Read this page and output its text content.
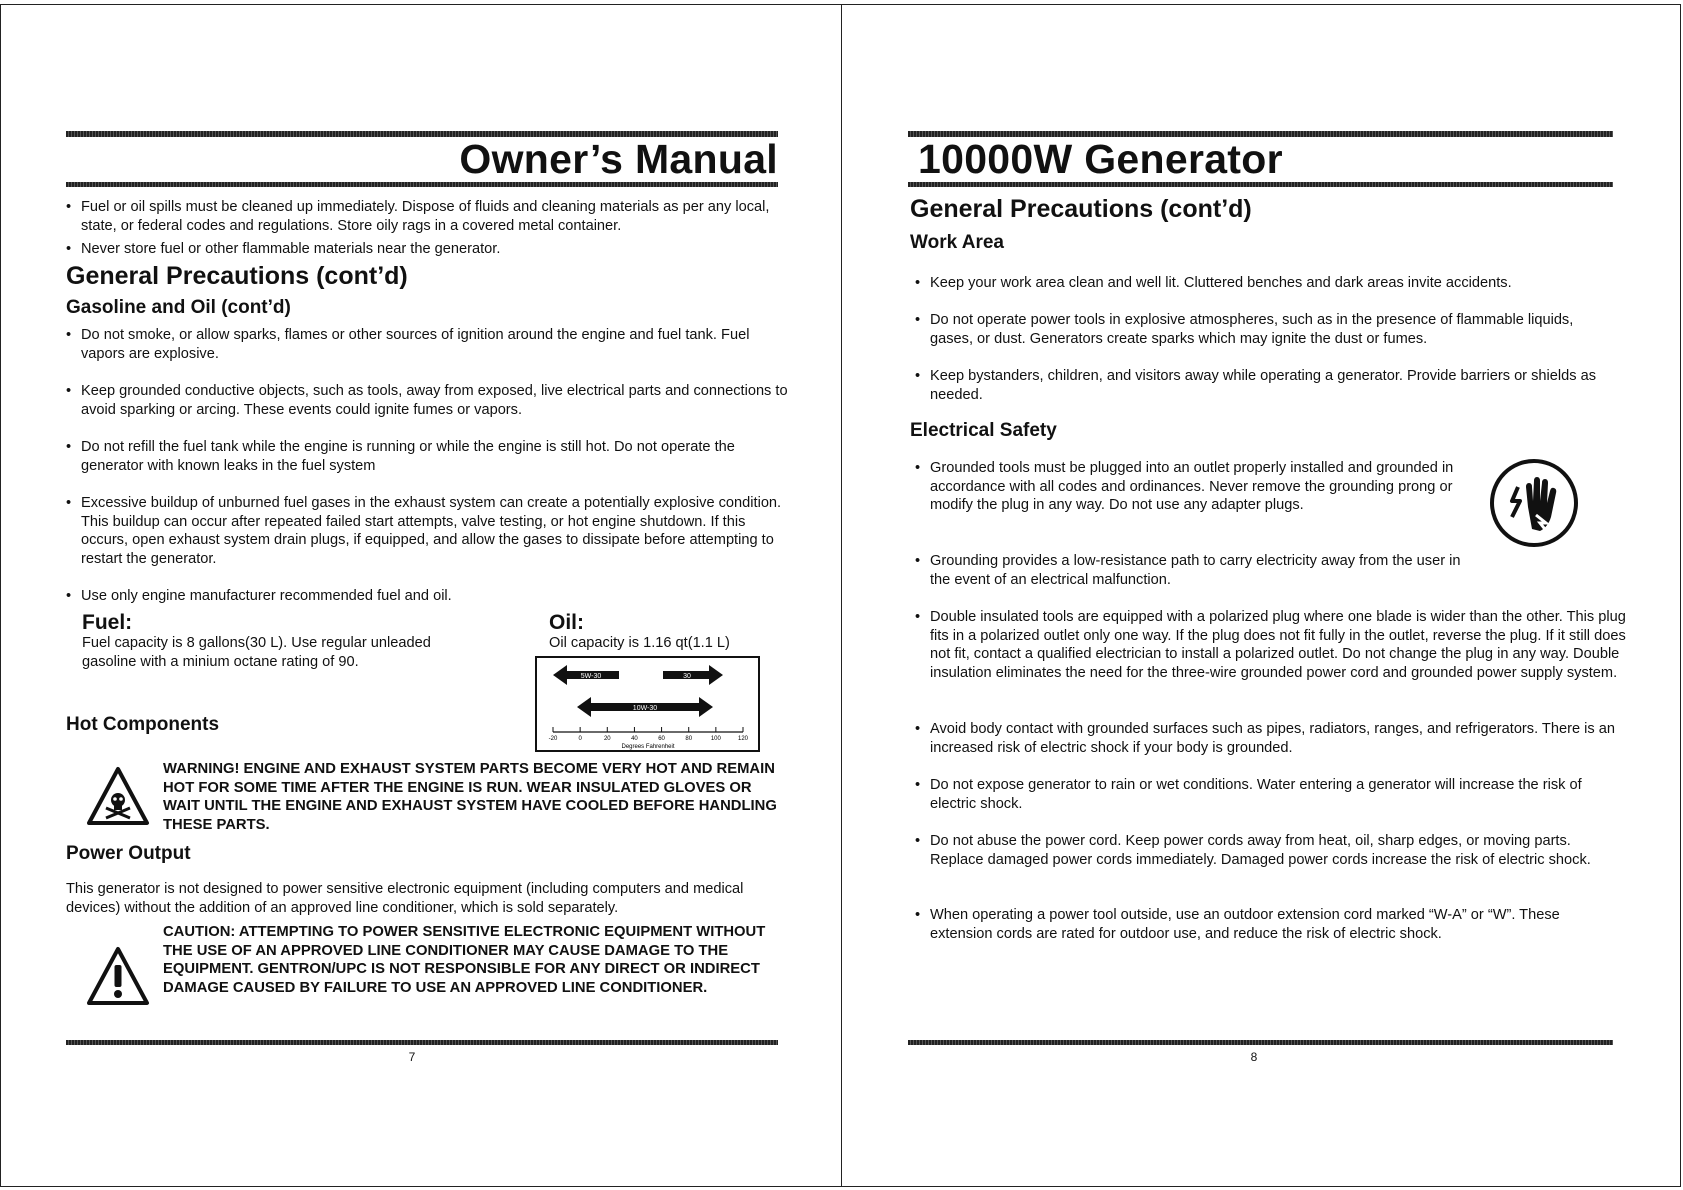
Owner’s Manual
• Fuel or oil spills must be cleaned up immediately. Dispose of fluids and cleaning materials as per any local, state, or federal codes and regulations. Store oily rags in a covered metal container.
• Never store fuel or other flammable materials near the generator.
General Precautions (cont’d)
Gasoline and Oil (cont’d)
• Do not smoke, or allow sparks, flames or other sources of ignition around the engine and fuel tank. Fuel vapors are explosive.
• Keep grounded conductive objects, such as tools, away from exposed, live electrical parts and connections to avoid sparking or arcing. These events could ignite fumes or vapors.
• Do not refill the fuel tank while the engine is running or while the engine is still hot. Do not operate the generator with known leaks in the fuel system
• Excessive buildup of unburned fuel gases in the exhaust system can create a potentially explosive condition. This buildup can occur after repeated failed start attempts, valve testing, or hot engine shutdown. If this occurs, open exhaust system drain plugs, if equipped, and allow the gases to dissipate before attempting to restart the generator.
• Use only engine manufacturer recommended fuel and oil.
Fuel:
Fuel capacity is 8 gallons(30 L). Use regular unleaded gasoline with a minium octane rating of 90.
Oil:
Oil capacity is 1.16 qt(1.1 L)
5W-30	30
10W-30
-20	0	20	40	60	80	100	120
Degrees Fahrenheit
Hot Components
WARNING! ENGINE AND EXHAUST SYSTEM PARTS BECOME VERY HOT AND REMAIN HOT FOR SOME TIME AFTER THE ENGINE IS RUN. WEAR INSULATED GLOVES OR WAIT UNTIL THE ENGINE AND EXHAUST SYSTEM HAVE COOLED BEFORE HANDLING THESE PARTS.
Power Output
This generator is not designed to power sensitive electronic equipment (including computers and medical devices) without the addition of an approved line conditioner, which is sold separately.
CAUTION: ATTEMPTING TO POWER SENSITIVE ELECTRONIC EQUIPMENT WITHOUT THE USE OF AN APPROVED LINE CONDITIONER MAY CAUSE DAMAGE TO THE EQUIPMENT. GENTRON/UPC IS NOT RESPONSIBLE FOR ANY DIRECT OR INDIRECT DAMAGE CAUSED BY FAILURE TO USE AN APPROVED LINE CONDITIONER.
7
10000W Generator
General Precautions (cont’d)
Work Area
• Keep your work area clean and well lit. Cluttered benches and dark areas invite accidents.
• Do not operate power tools in explosive atmospheres, such as in the presence of flammable liquids, gases, or dust. Generators create sparks which may ignite the dust or fumes.
• Keep bystanders, children, and visitors away while operating a generator. Provide barriers or shields as needed.
Electrical Safety
• Grounded tools must be plugged into an outlet properly installed and grounded in accordance with all codes and ordinances. Never remove the grounding prong or modify the plug in any way. Do not use any adapter plugs.
• Grounding provides a low-resistance path to carry electricity away from the user in the event of an electrical malfunction.
• Double insulated tools are equipped with a polarized plug where one blade is wider than the other. This plug fits in a polarized outlet only one way. If the plug does not fit fully in the outlet, reverse the plug. If it still does not fit, contact a qualified electrician to install a polarized outlet. Do not change the plug in any way. Double insulation eliminates the need for the three-wire grounded power cord and grounded power supply system.
• Avoid body contact with grounded surfaces such as pipes, radiators, ranges, and refrigerators. There is an increased risk of electric shock if your body is grounded.
• Do not expose generator to rain or wet conditions. Water entering a generator will increase the risk of electric shock.
• Do not abuse the power cord. Keep power cords away from heat, oil, sharp edges, or moving parts. Replace damaged power cords immediately. Damaged power cords increase the risk of electric shock.
• When operating a power tool outside, use an outdoor extension cord marked “W-A” or “W”. These extension cords are rated for outdoor use, and reduce the risk of electric shock.
8
